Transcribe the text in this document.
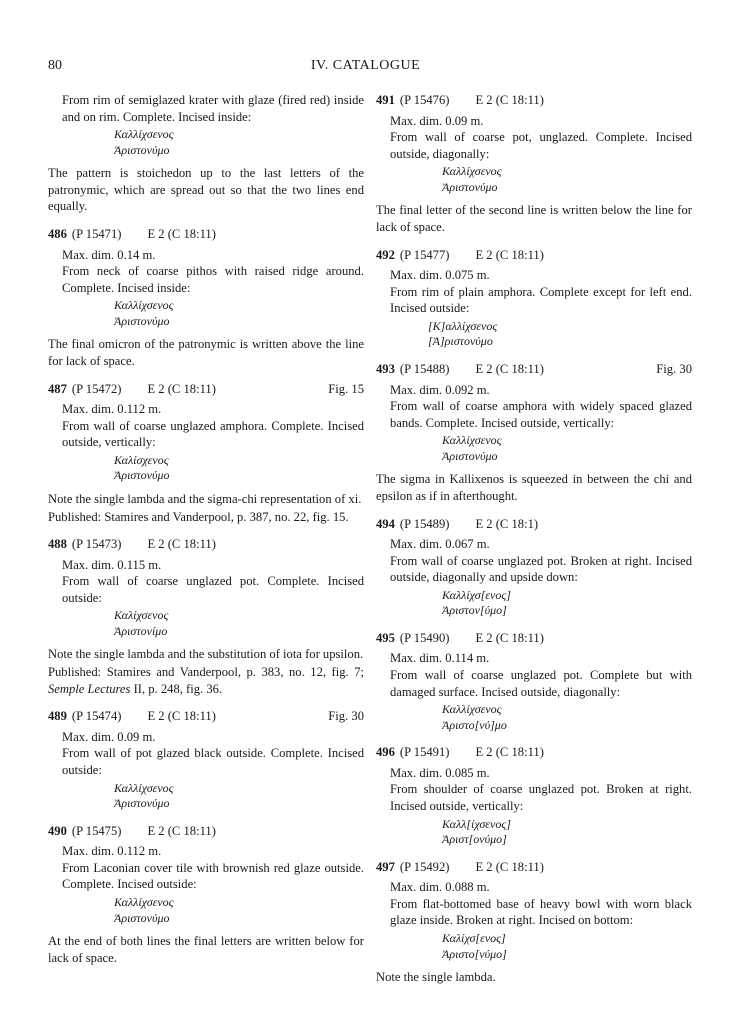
80	IV. CATALOGUE

From rim of semiglazed krater with glaze (fired red) inside and on rim. Complete. Incised inside:

Καλλίχσενος

Ἀριστονύμο

The pattern is stoichedon up to the last letters of the patronymic, which are spread out so that the two lines end equally.

486 (P 15471) E 2 (C 18:11)

Max. dim. 0.14 m.

From neck of coarse pithos with raised ridge around. Complete. Incised inside:

Καλλίχσενος

Ἀριστονύμο

The final omicron of the patronymic is written above the line for lack of space.

487 (P 15472) E 2 (C 18:11)	Fig. 15

Max. dim. 0.112 m.

From wall of coarse unglazed amphora. Complete. Incised outside, vertically:

Καλίσχενος

Ἀριστονύμο

Note the single lambda and the sigma-chi representation of xi.

Published: Stamires and Vanderpool, p. 387, no. 22, fig. 15.

488 (P 15473) E 2 (C 18:11)

Max. dim. 0.115 m.

From wall of coarse unglazed pot. Complete. Incised outside:

Καλίχσενος

Ἀριστονίμο

Note the single lambda and the substitution of iota for upsilon.

Published: Stamires and Vanderpool, p. 383, no. 12, fig. 7; Semple Lectures II, p. 248, fig. 36.

489 (P 15474) E 2 (C 18:11)	Fig. 30

Max. dim. 0.09 m.

From wall of pot glazed black outside. Complete. Incised outside:

Καλλίχσενος

Ἀριστονύμο

490 (P 15475) E 2 (C 18:11)

Max. dim. 0.112 m.

From Laconian cover tile with brownish red glaze outside. Complete. Incised outside:

Καλλίχσενος

Ἀριστονύμο

At the end of both lines the final letters are written below for lack of space.

491 (P 15476) E 2 (C 18:11)

Max. dim. 0.09 m.

From wall of coarse pot, unglazed. Complete. Incised outside, diagonally:

Καλλίχσενος

Ἀριστονύμο

The final letter of the second line is written below the line for lack of space.

492 (P 15477) E 2 (C 18:11)

Max. dim. 0.075 m.

From rim of plain amphora. Complete except for left end. Incised outside:

[Κ]αλλίχσενος

[Ἀ]ριστονύμο

493 (P 15488) E 2 (C 18:11)	Fig. 30

Max. dim. 0.092 m.

From wall of coarse amphora with widely spaced glazed bands. Complete. Incised outside, vertically:

Καλλίχσενος

Ἀριστονύμο

The sigma in Kallixenos is squeezed in between the chi and epsilon as if in afterthought.

494 (P 15489) E 2 (C 18:1)

Max. dim. 0.067 m.

From wall of coarse unglazed pot. Broken at right. Incised outside, diagonally and upside down:

Καλλίχσ[ενος]

Ἀριστον[ύμο]

495 (P 15490) E 2 (C 18:11)

Max. dim. 0.114 m.

From wall of coarse unglazed pot. Complete but with damaged surface. Incised outside, diagonally:

Καλλίχσενος

Ἀριστο[νύ]μο

496 (P 15491) E 2 (C 18:11)

Max. dim. 0.085 m.

From shoulder of coarse unglazed pot. Broken at right. Incised outside, vertically:

Καλλ[ίχσενος]

Ἀριστ[ονύμο]

497 (P 15492) E 2 (C 18:11)

Max. dim. 0.088 m.

From flat-bottomed base of heavy bowl with worn black glaze inside. Broken at right. Incised on bottom:

Καλίχσ[ενος]

Ἀριστο[νύμο]

Note the single lambda.
